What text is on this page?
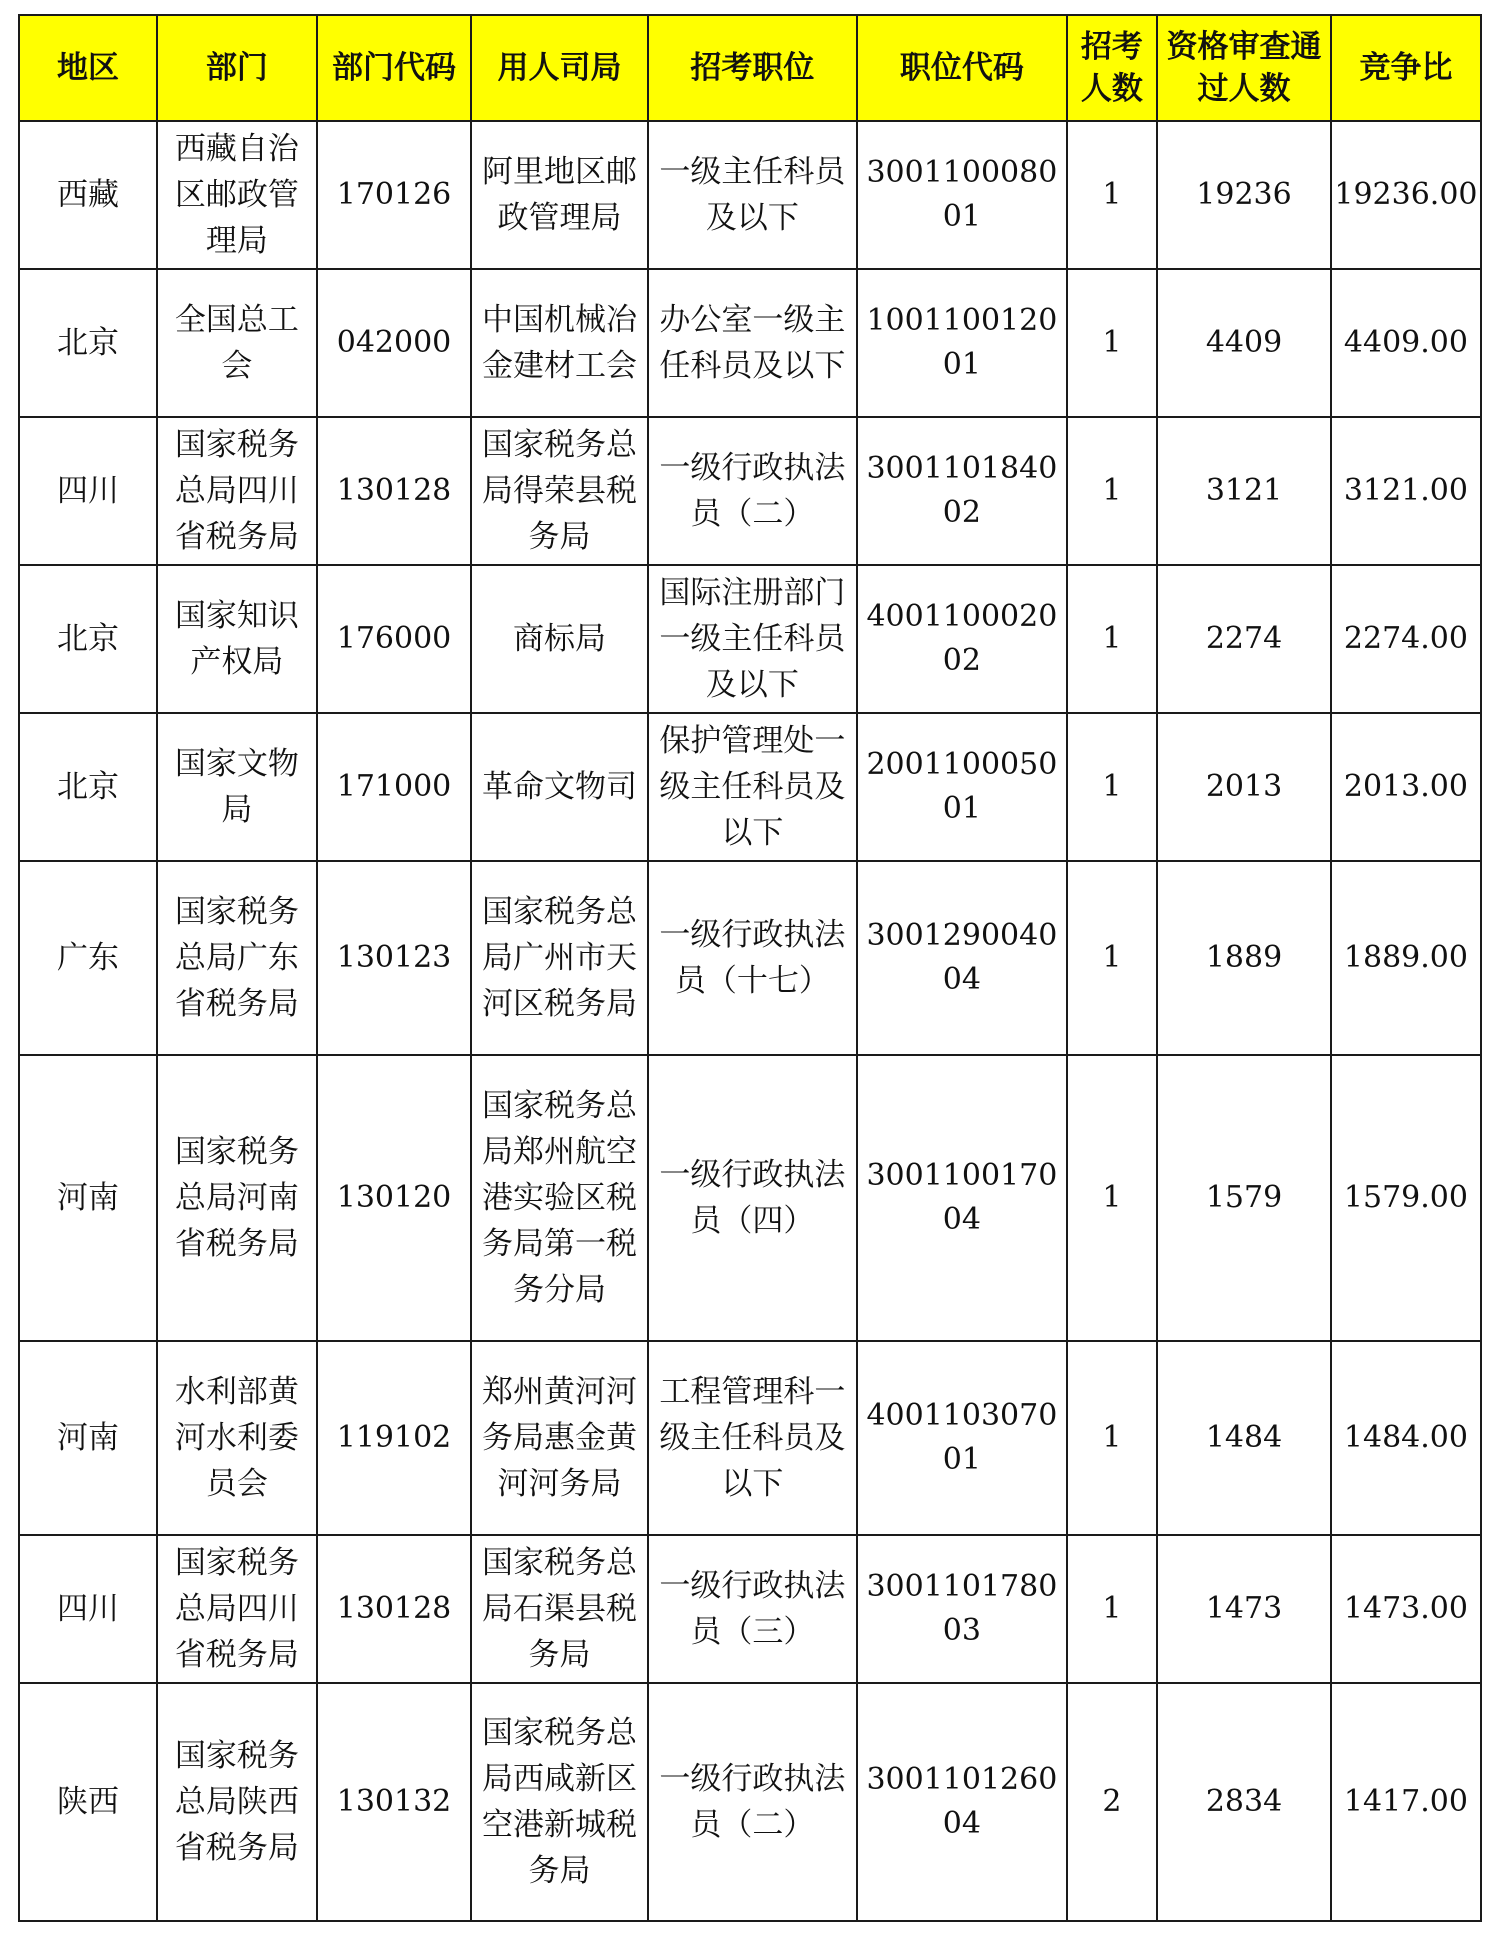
地区	部门	部门代码	用人司局	招考职位	职位代码	招考人数	资格审查通过人数	竞争比
西藏	西藏自治区邮政管理局	170126	阿里地区邮政管理局	一级主任科员及以下	300110008001	1	19236	19236.00
北京	全国总工会	042000	中国机械冶金建材工会	办公室一级主任科员及以下	100110012001	1	4409	4409.00
四川	国家税务总局四川省税务局	130128	国家税务总局得荣县税务局	一级行政执法员（二）	300110184002	1	3121	3121.00
北京	国家知识产权局	176000	商标局	国际注册部门一级主任科员及以下	400110002002	1	2274	2274.00
北京	国家文物局	171000	革命文物司	保护管理处一级主任科员及以下	200110005001	1	2013	2013.00
广东	国家税务总局广东省税务局	130123	国家税务总局广州市天河区税务局	一级行政执法员（十七）	300129004004	1	1889	1889.00
河南	国家税务总局河南省税务局	130120	国家税务总局郑州航空港实验区税务局第一税务分局	一级行政执法员（四）	300110017004	1	1579	1579.00
河南	水利部黄河水利委员会	119102	郑州黄河河务局惠金黄河河务局	工程管理科一级主任科员及以下	400110307001	1	1484	1484.00
四川	国家税务总局四川省税务局	130128	国家税务总局石渠县税务局	一级行政执法员（三）	300110178003	1	1473	1473.00
陕西	国家税务总局陕西省税务局	130132	国家税务总局西咸新区空港新城税务局	一级行政执法员（二）	300110126004	2	2834	1417.00
